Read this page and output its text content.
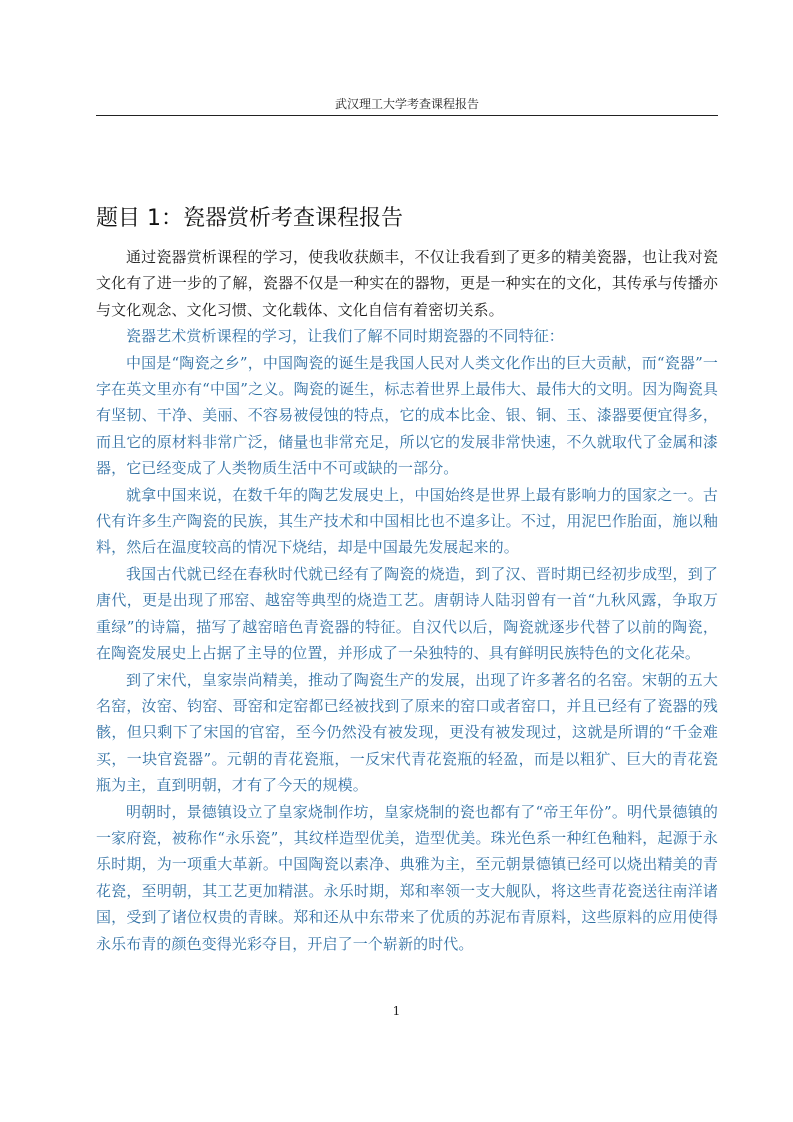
武汉理工大学考查课程报告
题目 1：瓷器赏析考查课程报告

通过瓷器赏析课程的学习，使我收获颇丰，不仅让我看到了更多的精美瓷器，也让我对瓷文化有了进一步的了解，瓷器不仅是一种实在的器物，更是一种实在的文化，其传承与传播亦与文化观念、文化习惯、文化载体、文化自信有着密切关系。

瓷器艺术赏析课程的学习，让我们了解不同时期瓷器的不同特征：

中国是“陶瓷之乡”，中国陶瓷的诞生是我国人民对人类文化作出的巨大贡献，而“瓷器”一字在英文里亦有“中国”之义。陶瓷的诞生，标志着世界上最伟大、最伟大的文明。因为陶瓷具有坚韧、干净、美丽、不容易被侵蚀的特点，它的成本比金、银、铜、玉、漆器要便宜得多，而且它的原材料非常广泛，储量也非常充足，所以它的发展非常快速，不久就取代了金属和漆器，它已经变成了人类物质生活中不可或缺的一部分。

就拿中国来说，在数千年的陶艺发展史上，中国始终是世界上最有影响力的国家之一。古代有许多生产陶瓷的民族，其生产技术和中国相比也不遑多让。不过，用泥巴作胎面，施以釉料，然后在温度较高的情况下烧结，却是中国最先发展起来的。

我国古代就已经在春秋时代就已经有了陶瓷的烧造，到了汉、晋时期已经初步成型，到了唐代，更是出现了邢窑、越窑等典型的烧造工艺。唐朝诗人陆羽曾有一首“九秋风露，争取万重绿”的诗篇，描写了越窑暗色青瓷器的特征。自汉代以后，陶瓷就逐步代替了以前的陶瓷，在陶瓷发展史上占据了主导的位置，并形成了一朵独特的、具有鲜明民族特色的文化花朵。

到了宋代，皇家崇尚精美，推动了陶瓷生产的发展，出现了许多著名的名窑。宋朝的五大名窑，汝窑、钧窑、哥窑和定窑都已经被找到了原来的窑口或者窑口，并且已经有了瓷器的残骸，但只剩下了宋国的官窑，至今仍然没有被发现，更没有被发现过，这就是所谓的“千金难买，一块官瓷器”。元朝的青花瓷瓶，一反宋代青花瓷瓶的轻盈，而是以粗犷、巨大的青花瓷瓶为主，直到明朝，才有了今天的规模。

明朝时，景德镇设立了皇家烧制作坊，皇家烧制的瓷也都有了“帝王年份”。明代景德镇的一家府瓷，被称作“永乐瓷”，其纹样造型优美，造型优美。珠光色系一种红色釉料，起源于永乐时期，为一项重大革新。中国陶瓷以素净、典雅为主，至元朝景德镇已经可以烧出精美的青花瓷，至明朝，其工艺更加精湛。永乐时期，郑和率领一支大舰队，将这些青花瓷送往南洋诸国，受到了诸位权贵的青睐。郑和还从中东带来了优质的苏泥布青原料，这些原料的应用使得永乐布青的颜色变得光彩夺目，开启了一个崭新的时代。

1
